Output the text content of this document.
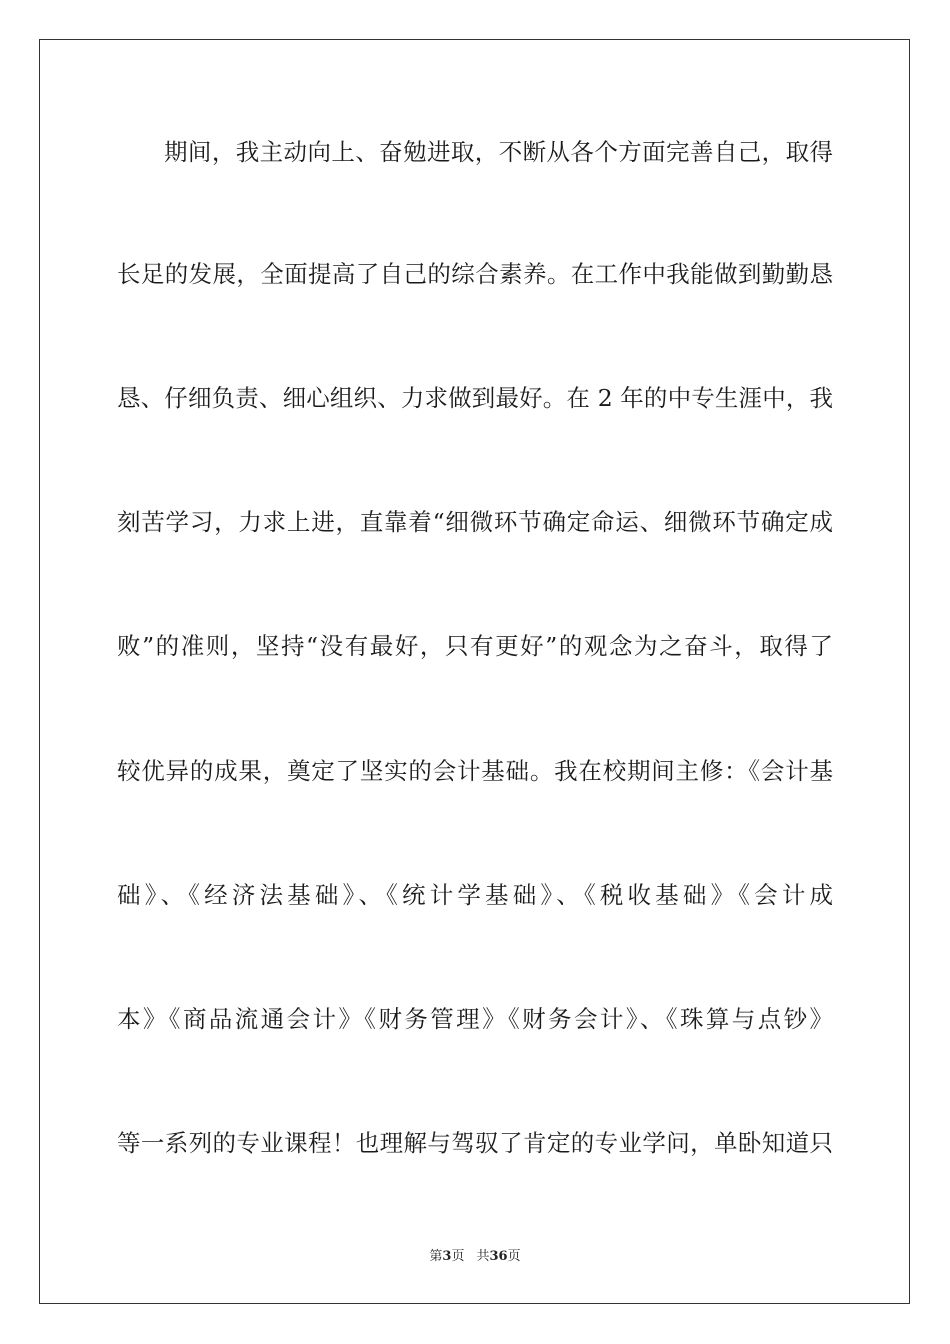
期间，我主动向上、奋勉进取，不断从各个方面完善自己，取得
长足的发展，全面提高了自己的综合素养。在工作中我能做到勤勤恳
恳、仔细负责、细心组织、力求做到最好。在 2 年的中专生涯中，我
刻苦学习，力求上进，直靠着“细微环节确定命运、细微环节确定成
败”的准则，坚持“没有最好，只有更好”的观念为之奋斗，取得了
较优异的成果，奠定了坚实的会计基础。我在校期间主修：《会计基
础》、《经济法基础》、《统计学基础》、《税收基础》《会计成
本》《商品流通会计》《财务管理》《财务会计》、《珠算与点钞》
等一系列的专业课程！也理解与驾驭了肯定的专业学问，单卧知道只
第3页 共36页
